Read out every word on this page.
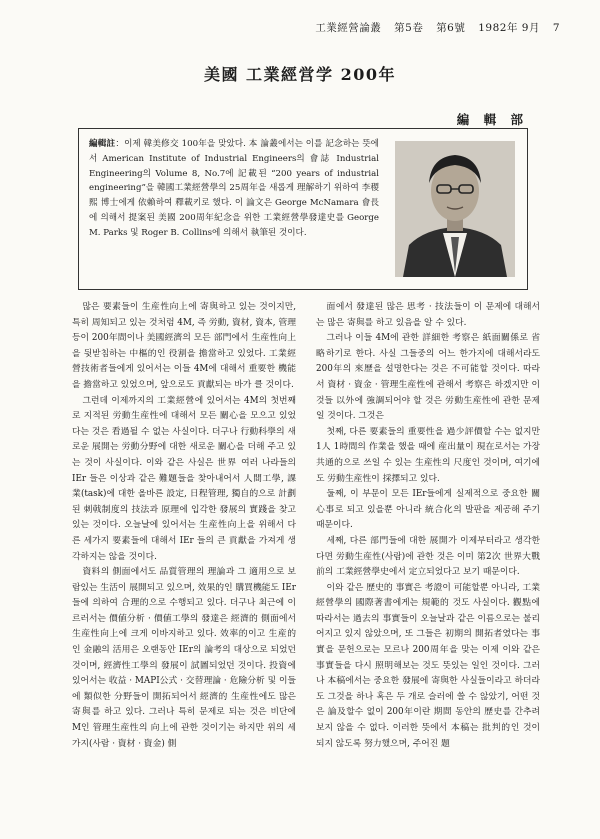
工業經營論叢 第5卷 第6號 1982年 9月 7
美國 工業經営学 200年
編 輯 部
編輯註：이제 韓美修交 100年을 맞았다. 本 論叢에서는 이를 記念하는 뜻에서 American Institute of Industrial Engineers의 會誌 Industrial Engineering의 Volume 8, No.7에 記載된 “200 years of industrial engineering”을 韓國工業經營學의 25周年을 새롭게 理解하기 위하여 李稷熙 博士에게 依賴하여 釋載키로 했다. 이 論文은 George McNamara 會長에 의해서 提案된 美國 200周年紀念을 위한 工業經營學發達史를 George M. Parks 및 Roger B. Collins에 의해서 執筆된 것이다.

많은 要素들이 生産性向上에 寄與하고 있는 것이지만, 특히 周知되고 있는 것처럼 4M, 즉 労動, 資材, 資本, 管理 등이 200年間이나 美國經濟의 모든 部門에서 生産性向上을 뒷받침하는 中樞的인 役割을 擔當하고 있었다. 工業經營技術者들에게 있어서는 이들 4M에 대해서 重要한 機能을 擔當하고 있었으며, 앞으로도 貢獻되는 바가 클 것이다.

그런데 이제까지의 工業經營에 있어서는 4M의 첫번째로 지적된 労動生産性에 대해서 모든 關心을 모으고 있었다는 것은 看過될 수 없는 사실이다. 더구나 行動科學의 새로운 展開는 労動分野에 대한 새로운 關心을 더해 주고 있는 것이 사실이다. 이와 같은 사실은 世界 여러 나라들의 IEr 들은 이상과 같은 難題들을 찾아내어서 人間工學, 課業(task)에 대한 올바른 設定, 日程管理, 獨自的으로 計劃된 刺戟制度의 技法과 原理에 입각한 發展의 實踐을 찾고 있는 것이다. 오늘날에 있어서는 生産性向上을 위해서 다른 세가지 要素들에 대해서 IEr 들의 큰 貢獻을 가져게 생각하지는 않을 것이다.

資料의 側面에서도 品質管理의 理論과 그 適用으로 보람있는 生活이 展開되고 있으며, 效果的인 購買機能도 IEr 들에 의하여 合理的으로 수행되고 있다. 더구나 최근에 이르러서는 價値分析 · 價値工學의 發達은 經濟的 側面에서 生産性向上에 크게 이바지하고 있다. 效率的이고 生産的인 金融의 活用은 오랜동안 IEr의 論考의 대상으로 되었던것이며, 經濟性工學의 發展이 試圖되었던 것이다. 投資에 있어서는 收益 · MAPI公式 · 交替理論 · 危險分析 및 이들에 類似한 分野들이 開拓되어서 經濟的 生産性에도 많은 寄與를 하고 있다. 그러나 특히 문제로 되는 것은 비단에 M인 管理生産性의 向上에 관한 것이기는 하지만 위의 세 가지(사람 · 資材 · 資金) 側

面에서 發達된 많은 思考 · 技法들이 이 문제에 대해서는 많은 寄與를 하고 있음을 알 수 있다.

그러나 이들 4M에 관한 詳細한 考察은 紙面關係로 省略하기로 한다. 사실 그들중의 어느 한가지에 대해서라도 200年의 來歷을 설명한다는 것은 不可能할 것이다. 따라서 資材 · 資金 · 管理生産性에 관해서 考察은 하겠지만 이것들 以外에 強調되어야 할 것은 労動生産性에 관한 문제일 것이다. 그것은

첫째, 다른 要素들의 重要性을 過少評價할 수는 없지만 1人 1時間의 作業을 했을 때에 産出量이 現在로서는 가장 共通的으로 쓰일 수 있는 生産性의 尺度인 것이며, 여기에도 労動生産性이 採擇되고 있다.

둘째, 이 부문이 모든 IEr들에게 실제적으로 중요한 關心事로 되고 있을뿐 아니라 統合化의 발판을 제공해 주기 때문이다.

세째, 다른 部門들에 대한 展開가 이제부터라고 생각한다면 労動生産性(사람)에 관한 것은 이미 第2次 世界大戰前의 工業經營學史에서 定立되었다고 보기 때문이다.

이와 같은 歷史的 事實은 考證이 可能할뿐 아니라, 工業經營學의 國際著書에게는 規範的 것도 사실이다. 觀點에 따라서는 過去의 事實들이 오늘날과 같은 이름으로는 불리어지고 있지 않았으며, 또 그들은 初期의 開拓者였다는 事實을 문헌으로는 모르나 200周年을 맞는 이제 이와 같은 事實들을 다시 照明해보는 것도 뜻있는 일인 것이다. 그러나 本稿에서는 중요한 發展에 寄與한 사실들이라고 하더라도 그것을 하나 혹은 두 개로 슬러에 쓸 수 않았기, 어떤 것은 論及할수 없이 200年이란 期間 동안의 歷史를 간추려 보지 않을 수 없다. 이러한 뜻에서 本稿는 批判的인 것이 되지 않도록 努力했으며, 주어진 題
